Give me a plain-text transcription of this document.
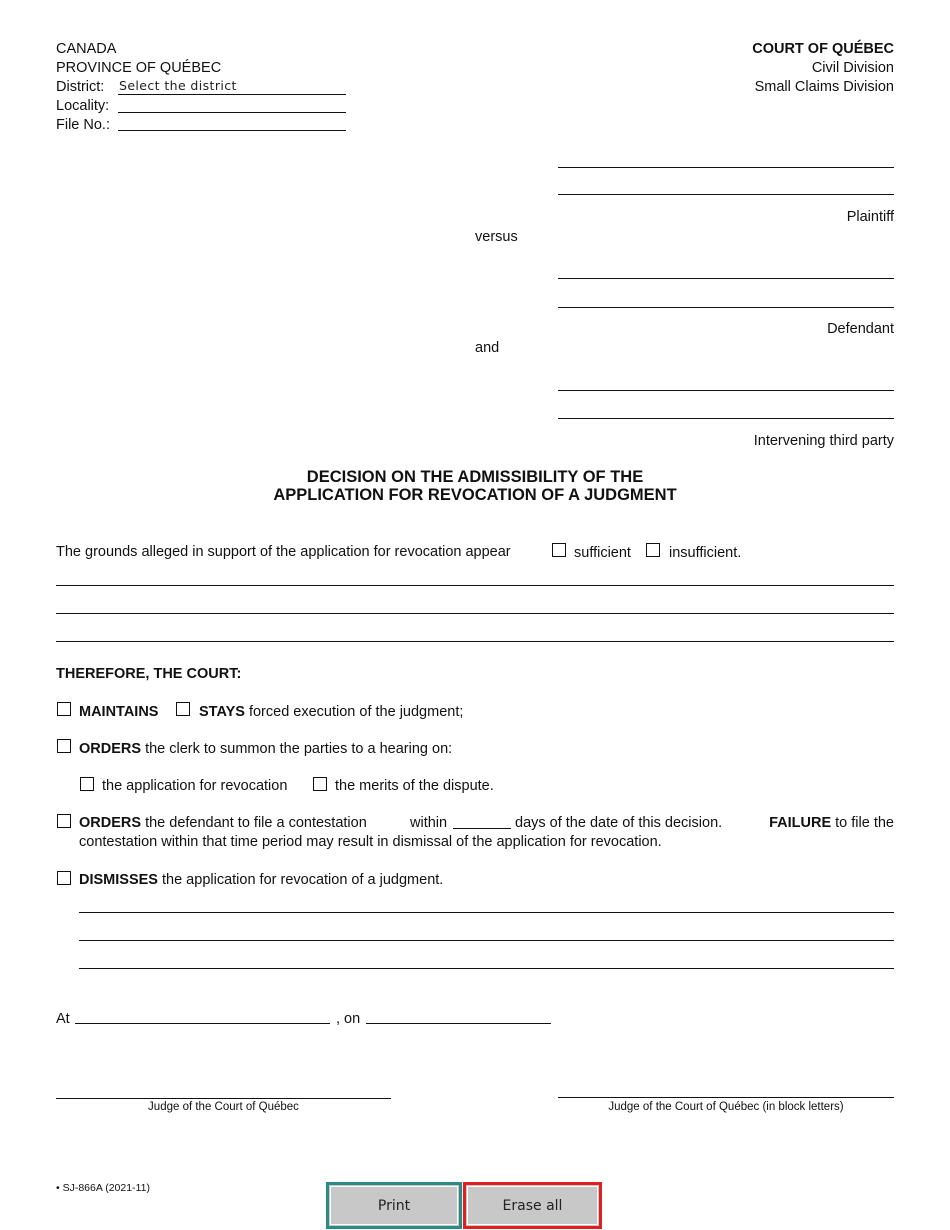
CANADA
PROVINCE OF QUÉBEC
District: Select the district
Locality:
File No.:
COURT OF QUÉBEC
Civil Division
Small Claims Division
Plaintiff
versus
Defendant
and
Intervening third party
DECISION ON THE ADMISSIBILITY OF THE
APPLICATION FOR REVOCATION OF A JUDGMENT
The grounds alleged in support of the application for revocation appear	sufficient	insufficient.
THEREFORE, THE COURT:
MAINTAINS	STAYS forced execution of the judgment;
ORDERS the clerk to summon the parties to a hearing on:
the application for revocation	the merits of the dispute.
ORDERS the defendant to file a contestation	within	days of the date of this decision.	FAILURE to file the
contestation within that time period may result in dismissal of the application for revocation.
DISMISSES the application for revocation of a judgment.
At	, on
Judge of the Court of Québec	Judge of the Court of Québec (in block letters)
• SJ-866A (2021-11)
Print	Erase all
